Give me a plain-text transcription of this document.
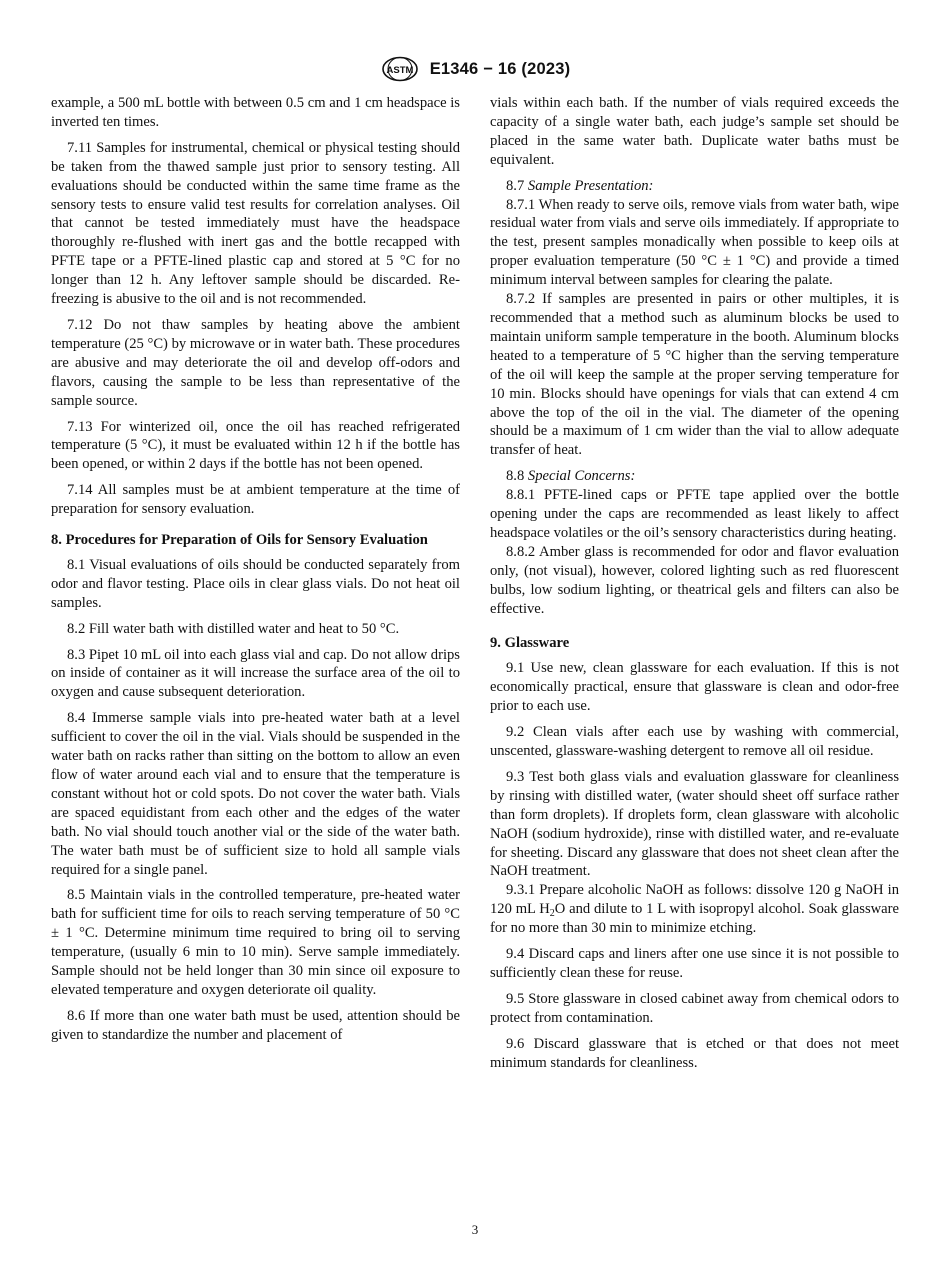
ASTM E1346 − 16 (2023)

example, a 500 mL bottle with between 0.5 cm and 1 cm headspace is inverted ten times.

7.11 Samples for instrumental, chemical or physical testing should be taken from the thawed sample just prior to sensory testing. All evaluations should be conducted within the same time frame as the sensory tests to ensure valid test results for correlation analyses. Oil that cannot be tested immediately must have the headspace thoroughly re-flushed with inert gas and the bottle recapped with PFTE tape or a PFTE-lined plastic cap and stored at 5 °C for no longer than 12 h. Any leftover sample should be discarded. Re-freezing is abusive to the oil and is not recommended.

7.12 Do not thaw samples by heating above the ambient temperature (25 °C) by microwave or in water bath. These procedures are abusive and may deteriorate the oil and develop off-odors and flavors, causing the sample to be less than representative of the sample source.

7.13 For winterized oil, once the oil has reached refrigerated temperature (5 °C), it must be evaluated within 12 h if the bottle has been opened, or within 2 days if the bottle has not been opened.

7.14 All samples must be at ambient temperature at the time of preparation for sensory evaluation.

8. Procedures for Preparation of Oils for Sensory Evaluation

8.1 Visual evaluations of oils should be conducted separately from odor and flavor testing. Place oils in clear glass vials. Do not heat oil samples.

8.2 Fill water bath with distilled water and heat to 50 °C.

8.3 Pipet 10 mL oil into each glass vial and cap. Do not allow drips on inside of container as it will increase the surface area of the oil to oxygen and cause subsequent deterioration.

8.4 Immerse sample vials into pre-heated water bath at a level sufficient to cover the oil in the vial. Vials should be suspended in the water bath on racks rather than sitting on the bottom to allow an even flow of water around each vial and to ensure that the temperature is constant without hot or cold spots. Do not cover the water bath. Vials are spaced equidistant from each other and the edges of the water bath. No vial should touch another vial or the side of the water bath. The water bath must be of sufficient size to hold all sample vials required for a single panel.

8.5 Maintain vials in the controlled temperature, pre-heated water bath for sufficient time for oils to reach serving temperature of 50 °C ± 1 °C. Determine minimum time required to bring oil to serving temperature, (usually 6 min to 10 min). Serve sample immediately. Sample should not be held longer than 30 min since oil exposure to elevated temperature and oxygen deteriorate oil quality.

8.6 If more than one water bath must be used, attention should be given to standardize the number and placement of

vials within each bath. If the number of vials required exceeds the capacity of a single water bath, each judge’s sample set should be placed in the same water bath. Duplicate water baths must be equivalent.

8.7 Sample Presentation:

8.7.1 When ready to serve oils, remove vials from water bath, wipe residual water from vials and serve oils immediately. If appropriate to the test, present samples monadically when possible to keep oils at proper evaluation temperature (50 °C ± 1 °C) and provide a timed minimum interval between samples for clearing the palate.

8.7.2 If samples are presented in pairs or other multiples, it is recommended that a method such as aluminum blocks be used to maintain uniform sample temperature in the booth. Aluminum blocks heated to a temperature of 5 °C higher than the serving temperature of the oil will keep the sample at the proper serving temperature for 10 min. Blocks should have openings for vials that can extend 4 cm above the top of the oil in the vial. The diameter of the opening should be a maximum of 1 cm wider than the vial to allow adequate transfer of heat.

8.8 Special Concerns:

8.8.1 PFTE-lined caps or PFTE tape applied over the bottle opening under the caps are recommended as least likely to affect headspace volatiles or the oil’s sensory characteristics during heating.

8.8.2 Amber glass is recommended for odor and flavor evaluation only, (not visual), however, colored lighting such as red fluorescent bulbs, low sodium lighting, or theatrical gels and filters can also be effective.

9. Glassware

9.1 Use new, clean glassware for each evaluation. If this is not economically practical, ensure that glassware is clean and odor-free prior to each use.

9.2 Clean vials after each use by washing with commercial, unscented, glassware-washing detergent to remove all oil residue.

9.3 Test both glass vials and evaluation glassware for cleanliness by rinsing with distilled water, (water should sheet off surface rather than form droplets). If droplets form, clean glassware with alcoholic NaOH (sodium hydroxide), rinse with distilled water, and re-evaluate for sheeting. Discard any glassware that does not sheet clean after the NaOH treatment.

9.3.1 Prepare alcoholic NaOH as follows: dissolve 120 g NaOH in 120 mL $H_2O$ and dilute to 1 L with isopropyl alcohol. Soak glassware for no more than 30 min to minimize etching.

9.4 Discard caps and liners after one use since it is not possible to sufficiently clean these for reuse.

9.5 Store glassware in closed cabinet away from chemical odors to protect from contamination.

9.6 Discard glassware that is etched or that does not meet minimum standards for cleanliness.

3
